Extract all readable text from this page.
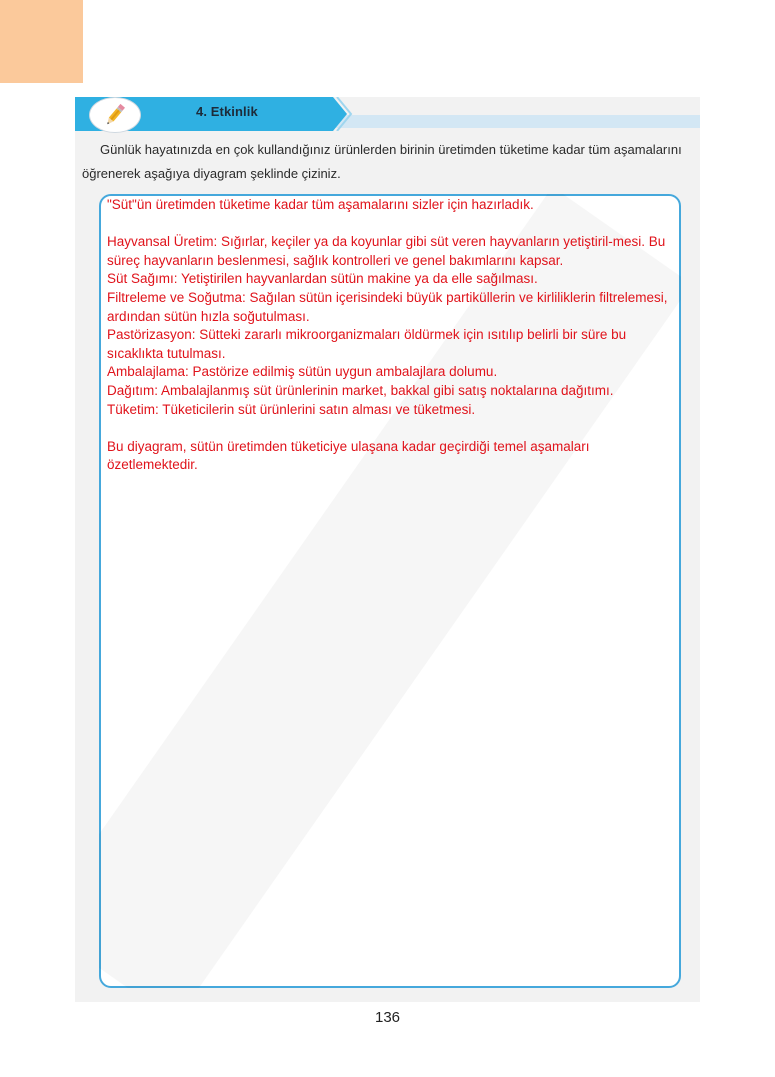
4. Etkinlik
Günlük hayatınızda en çok kullandığınız ürünlerden birinin üretimden tüketime kadar tüm aşamalarını öğrenerek aşağıya diyagram şeklinde çiziniz.

"Süt"ün üretimden tüketime kadar tüm aşamalarını sizler için hazırladık.

Hayvansal Üretim: Sığırlar, keçiler ya da koyunlar gibi süt veren hayvanların yetiştiril-mesi. Bu süreç hayvanların beslenmesi, sağlık kontrolleri ve genel bakımlarını kapsar.

Süt Sağımı: Yetiştirilen hayvanlardan sütün makine ya da elle sağılması.

Filtreleme ve Soğutma: Sağılan sütün içerisindeki büyük partiküllerin ve kirliliklerin filtrelemesi, ardından sütün hızla soğutulması.

Pastörizasyon: Sütteki zararlı mikroorganizmaları öldürmek için ısıtılıp belirli bir süre bu sıcaklıkta tutulması.

Ambalajlama: Pastörize edilmiş sütün uygun ambalajlara dolumu.

Dağıtım: Ambalajlanmış süt ürünlerinin market, bakkal gibi satış noktalarına dağıtımı.

Tüketim: Tüketicilerin süt ürünlerini satın alması ve tüketmesi.

Bu diyagram, sütün üretimden tüketiciye ulaşana kadar geçirdiği temel aşamaları özetlemektedir.

136
